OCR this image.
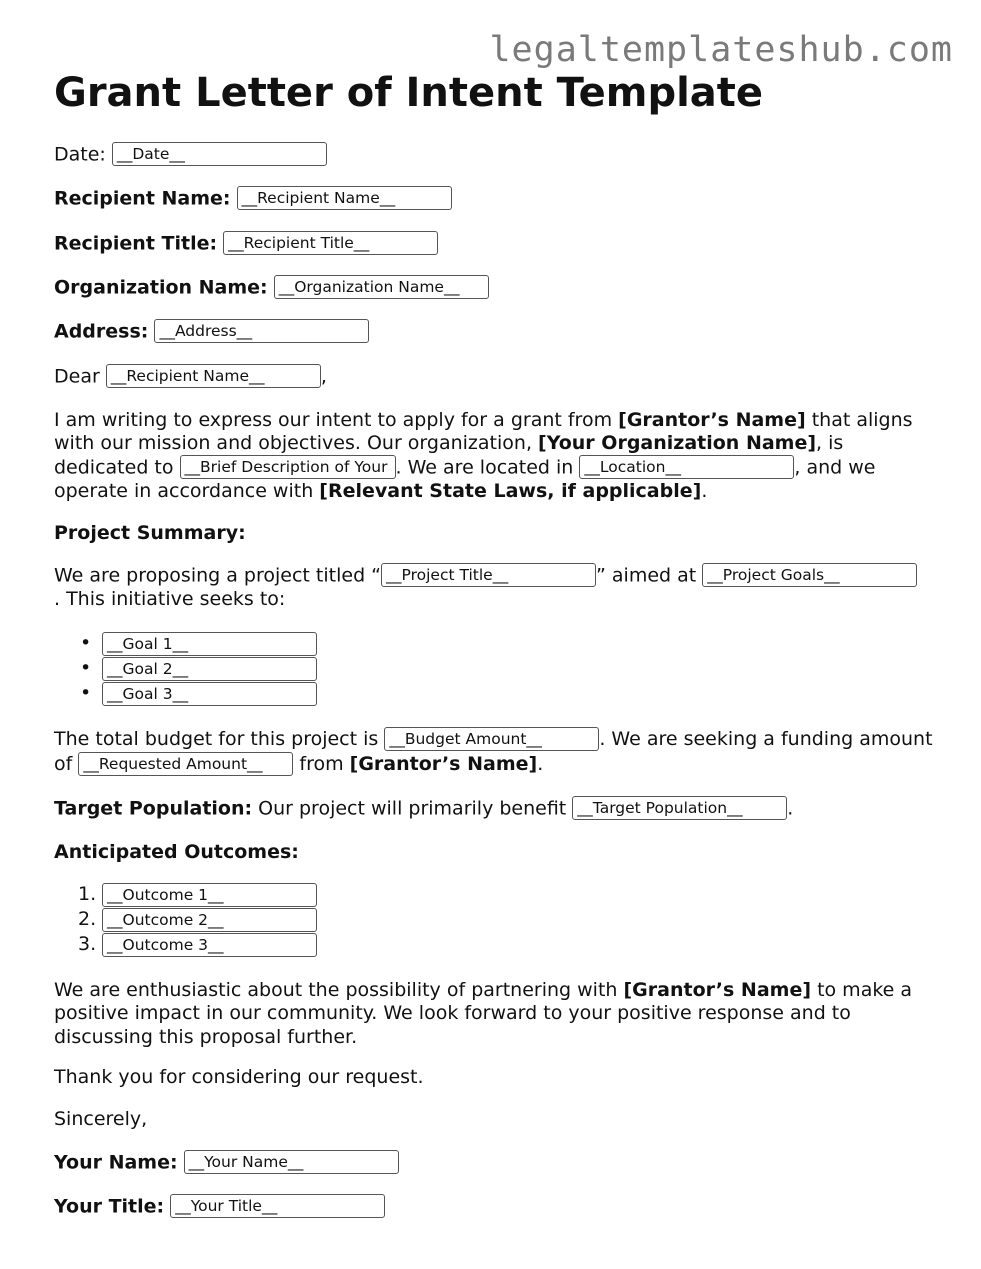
legaltemplateshub.com
Grant Letter of Intent Template
Date: __Date__
Recipient Name: __Recipient Name__
Recipient Title: __Recipient Title__
Organization Name: __Organization Name__
Address: __Address__
Dear __Recipient Name__	,
I am writing to express our intent to apply for a grant from [Grantor’s Name] that aligns with our mission and objectives. Our organization, [Your Organization Name], is dedicated to __Brief Description of Your . We are located in __Location__	, and we operate in accordance with [Relevant State Laws, if applicable].
Project Summary:
We are proposing a project titled “ __Project Title__	” aimed at __Project Goals__
. This initiative seeks to:
•	__Goal 1__
•	__Goal 2__
•	__Goal 3__
The total budget for this project is __Budget Amount__	. We are seeking a funding amount of __Requested Amount__ from [Grantor’s Name].
Target Population: Our project will primarily benefit __Target Population__ .
Anticipated Outcomes:
1. __Outcome 1__
2. __Outcome 2__
3. __Outcome 3__
We are enthusiastic about the possibility of partnering with [Grantor’s Name] to make a positive impact in our community. We look forward to your positive response and to discussing this proposal further.
Thank you for considering our request.
Sincerely,
Your Name: __Your Name__
Your Title: __Your Title__
